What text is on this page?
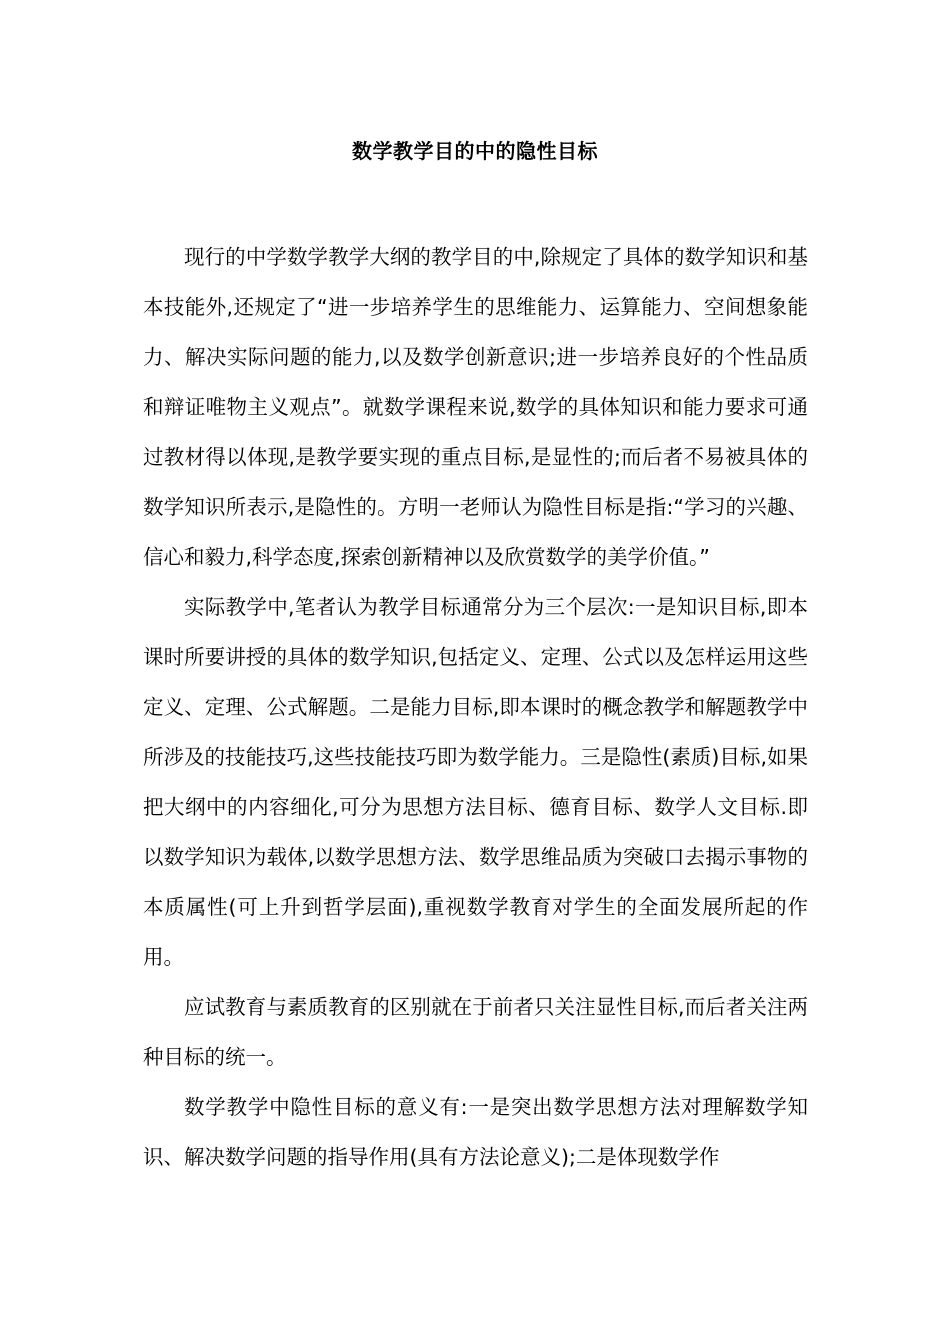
数学教学目的中的隐性目标

现行的中学数学教学大纲的教学目的中,除规定了具体的数学知识和基本技能外,还规定了“进一步培养学生的思维能力、运算能力、空间想象能力、解决实际问题的能力,以及数学创新意识;进一步培养良好的个性品质和辩证唯物主义观点”。就数学课程来说,数学的具体知识和能力要求可通过教材得以体现,是教学要实现的重点目标,是显性的;而后者不易被具体的数学知识所表示,是隐性的。方明一老师认为隐性目标是指:“学习的兴趣、信心和毅力,科学态度,探索创新精神以及欣赏数学的美学价值。”

实际教学中,笔者认为教学目标通常分为三个层次:一是知识目标,即本课时所要讲授的具体的数学知识,包括定义、定理、公式以及怎样运用这些定义、定理、公式解题。二是能力目标,即本课时的概念教学和解题教学中所涉及的技能技巧,这些技能技巧即为数学能力。三是隐性(素质)目标,如果把大纲中的内容细化,可分为思想方法目标、德育目标、数学人文目标.即以数学知识为载体,以数学思想方法、数学思维品质为突破口去揭示事物的本质属性(可上升到哲学层面),重视数学教育对学生的全面发展所起的作用。

应试教育与素质教育的区别就在于前者只关注显性目标,而后者关注两种目标的统一。

数学教学中隐性目标的意义有:一是突出数学思想方法对理解数学知识、解决数学问题的指导作用(具有方法论意义);二是体现数学作
